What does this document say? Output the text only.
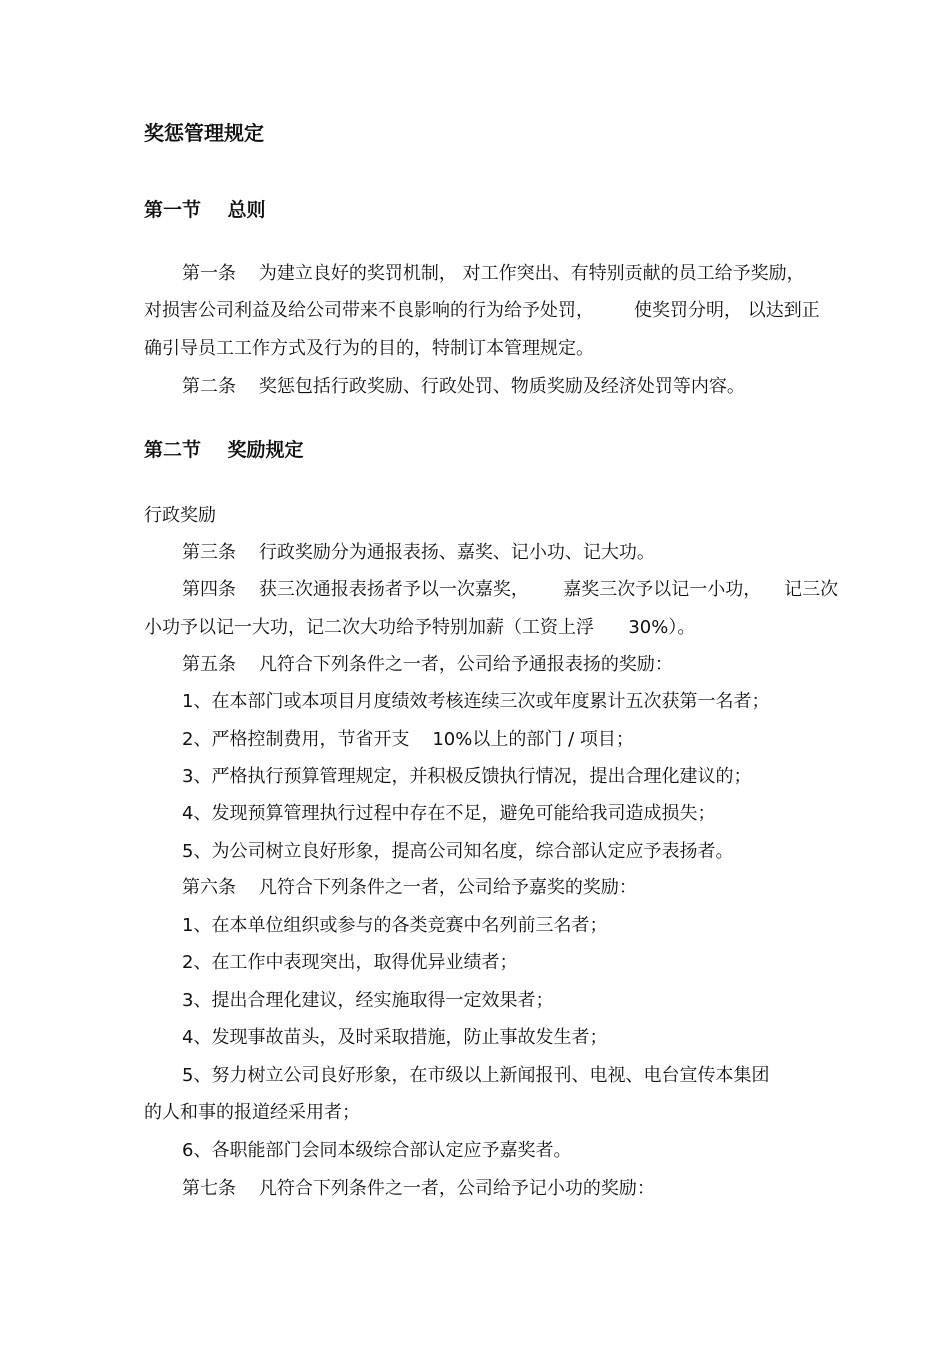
奖惩管理规定
第一节    总则

第一条    为建立良好的奖罚机制， 对工作突出、有特别贡献的员工给予奖励，

对损害公司利益及给公司带来不良影响的行为给予处罚，       使奖罚分明， 以达到正

确引导员工工作方式及行为的目的，特制订本管理规定。

第二条    奖惩包括行政奖励、行政处罚、物质奖励及经济处罚等内容。

第二节    奖励规定

行政奖励

第三条    行政奖励分为通报表扬、嘉奖、记小功、记大功。

第四条    获三次通报表扬者予以一次嘉奖，      嘉奖三次予以记一小功，    记三次

小功予以记一大功，记二次大功给予特别加薪（工资上浮      30%）。

第五条    凡符合下列条件之一者，公司给予通报表扬的奖励：

1、在本部门或本项目月度绩效考核连续三次或年度累计五次获第一名者；

2、严格控制费用，节省开支    10%以上的部门 / 项目；

3、严格执行预算管理规定，并积极反馈执行情况，提出合理化建议的；

4、发现预算管理执行过程中存在不足，避免可能给我司造成损失；

5、为公司树立良好形象，提高公司知名度，综合部认定应予表扬者。

第六条    凡符合下列条件之一者，公司给予嘉奖的奖励：

1、在本单位组织或参与的各类竞赛中名列前三名者；

2、在工作中表现突出，取得优异业绩者；

3、提出合理化建议，经实施取得一定效果者；

4、发现事故苗头，及时采取措施，防止事故发生者；

5、努力树立公司良好形象，在市级以上新闻报刊、电视、电台宣传本集团

的人和事的报道经采用者；

6、各职能部门会同本级综合部认定应予嘉奖者。

第七条    凡符合下列条件之一者，公司给予记小功的奖励：
